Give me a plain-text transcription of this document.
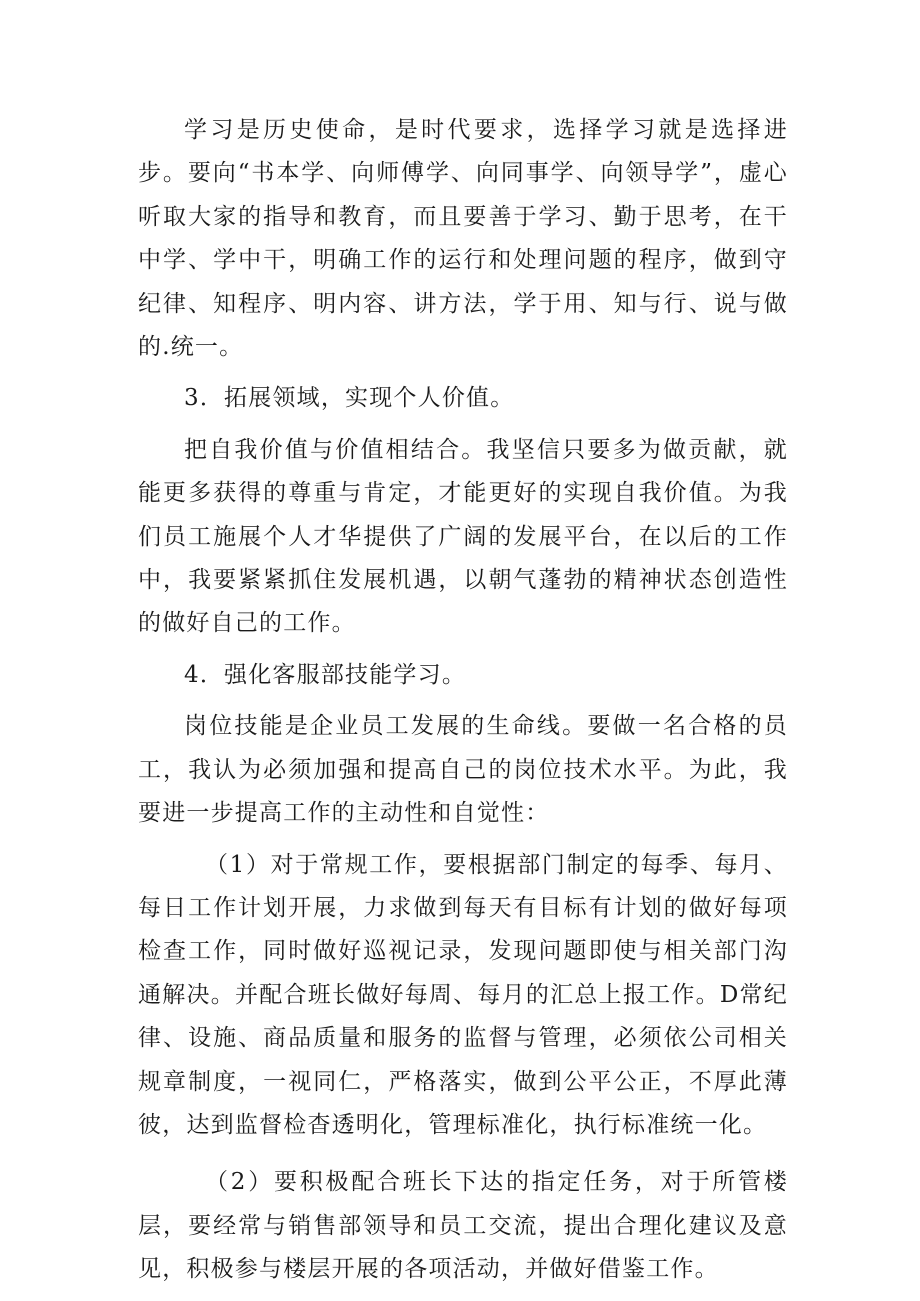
学习是历史使命，是时代要求，选择学习就是选择进步。要向“书本学、向师傅学、向同事学、向领导学”，虚心听取大家的指导和教育，而且要善于学习、勤于思考，在干中学、学中干，明确工作的运行和处理问题的程序，做到守纪律、知程序、明内容、讲方法，学于用、知与行、说与做的.统一。

3．拓展领域，实现个人价值。

把自我价值与价值相结合。我坚信只要多为做贡献，就能更多获得的尊重与肯定，才能更好的实现自我价值。为我们员工施展个人才华提供了广阔的发展平台，在以后的工作中，我要紧紧抓住发展机遇，以朝气蓬勃的精神状态创造性的做好自己的工作。

4．强化客服部技能学习。

岗位技能是企业员工发展的生命线。要做一名合格的员工，我认为必须加强和提高自己的岗位技术水平。为此，我要进一步提高工作的主动性和自觉性：

（1）对于常规工作，要根据部门制定的每季、每月、每日工作计划开展，力求做到每天有目标有计划的做好每项检查工作，同时做好巡视记录，发现问题即使与相关部门沟通解决。并配合班长做好每周、每月的汇总上报工作。D常纪律、设施、商品质量和服务的监督与管理，必须依公司相关规章制度，一视同仁，严格落实，做到公平公正，不厚此薄彼，达到监督检杳透明化，管理标准化，执行标准统一化。

（2）要积极配合班长下达的指定任务，对于所管楼层，要经常与销售部领导和员工交流，提出合理化建议及意见，积极参与楼层开展的各项活动，并做好借鉴工作。
